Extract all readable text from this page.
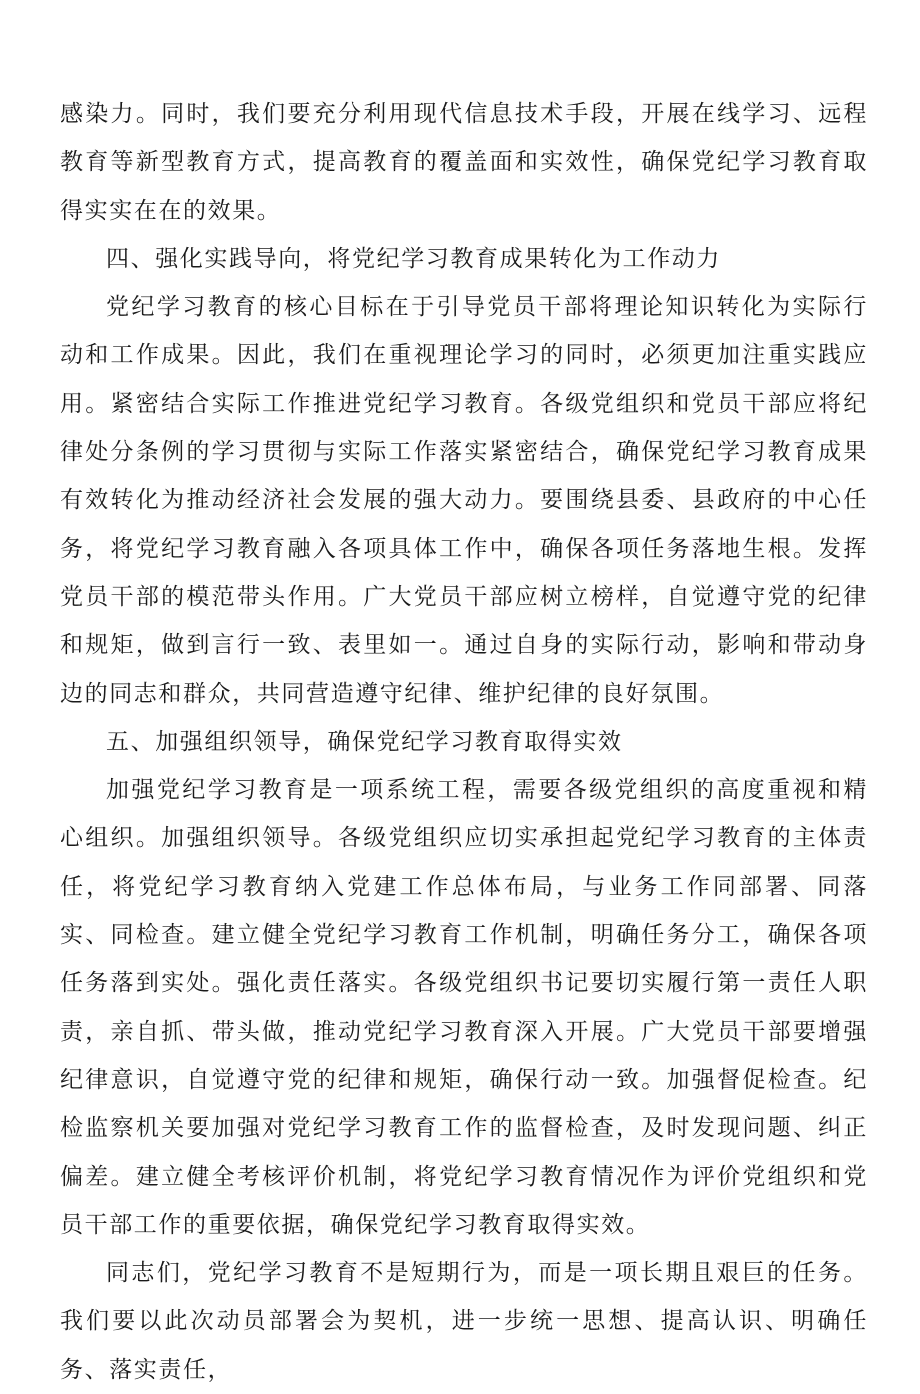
感染力。同时，我们要充分利用现代信息技术手段，开展在线学习、远程教育等新型教育方式，提高教育的覆盖面和实效性，确保党纪学习教育取得实实在在的效果。

四、强化实践导向，将党纪学习教育成果转化为工作动力

党纪学习教育的核心目标在于引导党员干部将理论知识转化为实际行动和工作成果。因此，我们在重视理论学习的同时，必须更加注重实践应用。紧密结合实际工作推进党纪学习教育。各级党组织和党员干部应将纪律处分条例的学习贯彻与实际工作落实紧密结合，确保党纪学习教育成果有效转化为推动经济社会发展的强大动力。要围绕县委、县政府的中心任务，将党纪学习教育融入各项具体工作中，确保各项任务落地生根。发挥党员干部的模范带头作用。广大党员干部应树立榜样，自觉遵守党的纪律和规矩，做到言行一致、表里如一。通过自身的实际行动，影响和带动身边的同志和群众，共同营造遵守纪律、维护纪律的良好氛围。

五、加强组织领导，确保党纪学习教育取得实效

加强党纪学习教育是一项系统工程，需要各级党组织的高度重视和精心组织。加强组织领导。各级党组织应切实承担起党纪学习教育的主体责任，将党纪学习教育纳入党建工作总体布局，与业务工作同部署、同落实、同检查。建立健全党纪学习教育工作机制，明确任务分工，确保各项任务落到实处。强化责任落实。各级党组织书记要切实履行第一责任人职责，亲自抓、带头做，推动党纪学习教育深入开展。广大党员干部要增强纪律意识，自觉遵守党的纪律和规矩，确保行动一致。加强督促检查。纪检监察机关要加强对党纪学习教育工作的监督检查，及时发现问题、纠正偏差。建立健全考核评价机制，将党纪学习教育情况作为评价党组织和党员干部工作的重要依据，确保党纪学习教育取得实效。

同志们，党纪学习教育不是短期行为，而是一项长期且艰巨的任务。我们要以此次动员部署会为契机，进一步统一思想、提高认识、明确任务、落实责任，
